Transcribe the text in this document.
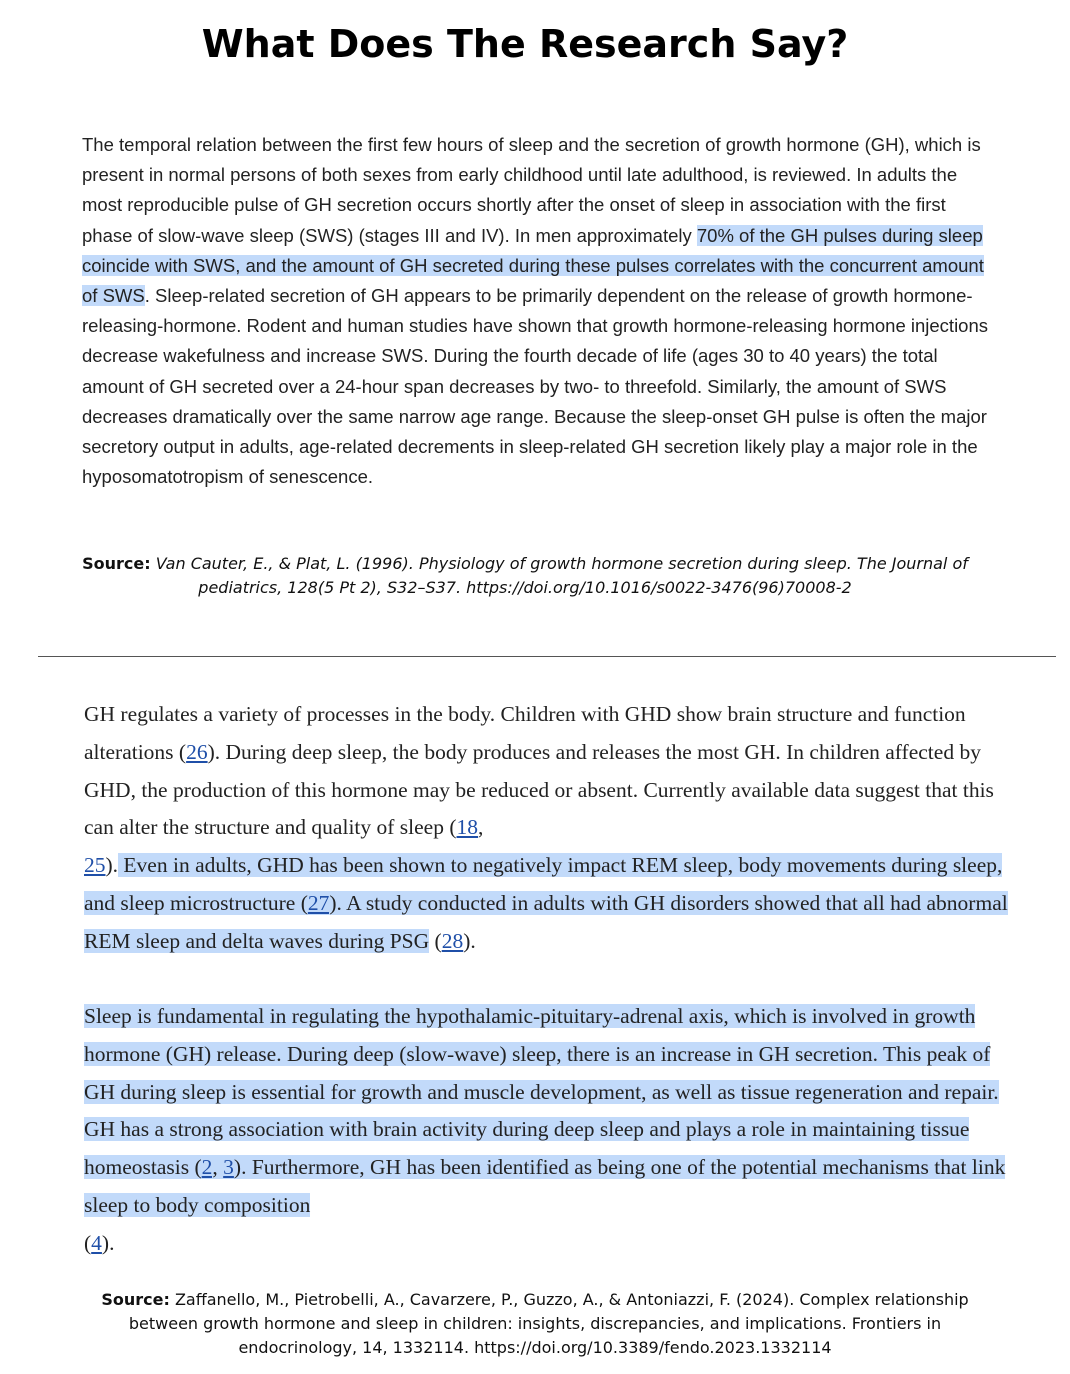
What Does The Research Say?

The temporal relation between the first few hours of sleep and the secretion of growth hormone (GH), which is present in normal persons of both sexes from early childhood until late adulthood, is reviewed. In adults the most reproducible pulse of GH secretion occurs shortly after the onset of sleep in association with the first phase of slow-wave sleep (SWS) (stages III and IV). In men approximately 70% of the GH pulses during sleep coincide with SWS, and the amount of GH secreted during these pulses correlates with the concurrent amount of SWS. Sleep-related secretion of GH appears to be primarily dependent on the release of growth hormone-releasing-hormone. Rodent and human studies have shown that growth hormone-releasing hormone injections decrease wakefulness and increase SWS. During the fourth decade of life (ages 30 to 40 years) the total amount of GH secreted over a 24-hour span decreases by two- to threefold. Similarly, the amount of SWS decreases dramatically over the same narrow age range. Because the sleep-onset GH pulse is often the major secretory output in adults, age-related decrements in sleep-related GH secretion likely play a major role in the hyposomatotropism of senescence.

Source: Van Cauter, E., & Plat, L. (1996). Physiology of growth hormone secretion during sleep. The Journal of pediatrics, 128(5 Pt 2), S32–S37. https://doi.org/10.1016/s0022-3476(96)70008-2

GH regulates a variety of processes in the body. Children with GHD show brain structure and function alterations (26). During deep sleep, the body produces and releases the most GH. In children affected by GHD, the production of this hormone may be reduced or absent. Currently available data suggest that this can alter the structure and quality of sleep (18,
25). Even in adults, GHD has been shown to negatively impact REM sleep, body movements during sleep, and sleep microstructure (27). A study conducted in adults with GH disorders showed that all had abnormal REM sleep and delta waves during PSG (28).

Sleep is fundamental in regulating the hypothalamic-pituitary-adrenal axis, which is involved in growth hormone (GH) release. During deep (slow-wave) sleep, there is an increase in GH secretion. This peak of GH during sleep is essential for growth and muscle development, as well as tissue regeneration and repair. GH has a strong association with brain activity during deep sleep and plays a role in maintaining tissue homeostasis (2, 3). Furthermore, GH has been identified as being one of the potential mechanisms that link sleep to body composition
(4).

Source: Zaffanello, M., Pietrobelli, A., Cavarzere, P., Guzzo, A., & Antoniazzi, F. (2024). Complex relationship between growth hormone and sleep in children: insights, discrepancies, and implications. Frontiers in endocrinology, 14, 1332114. https://doi.org/10.3389/fendo.2023.1332114
